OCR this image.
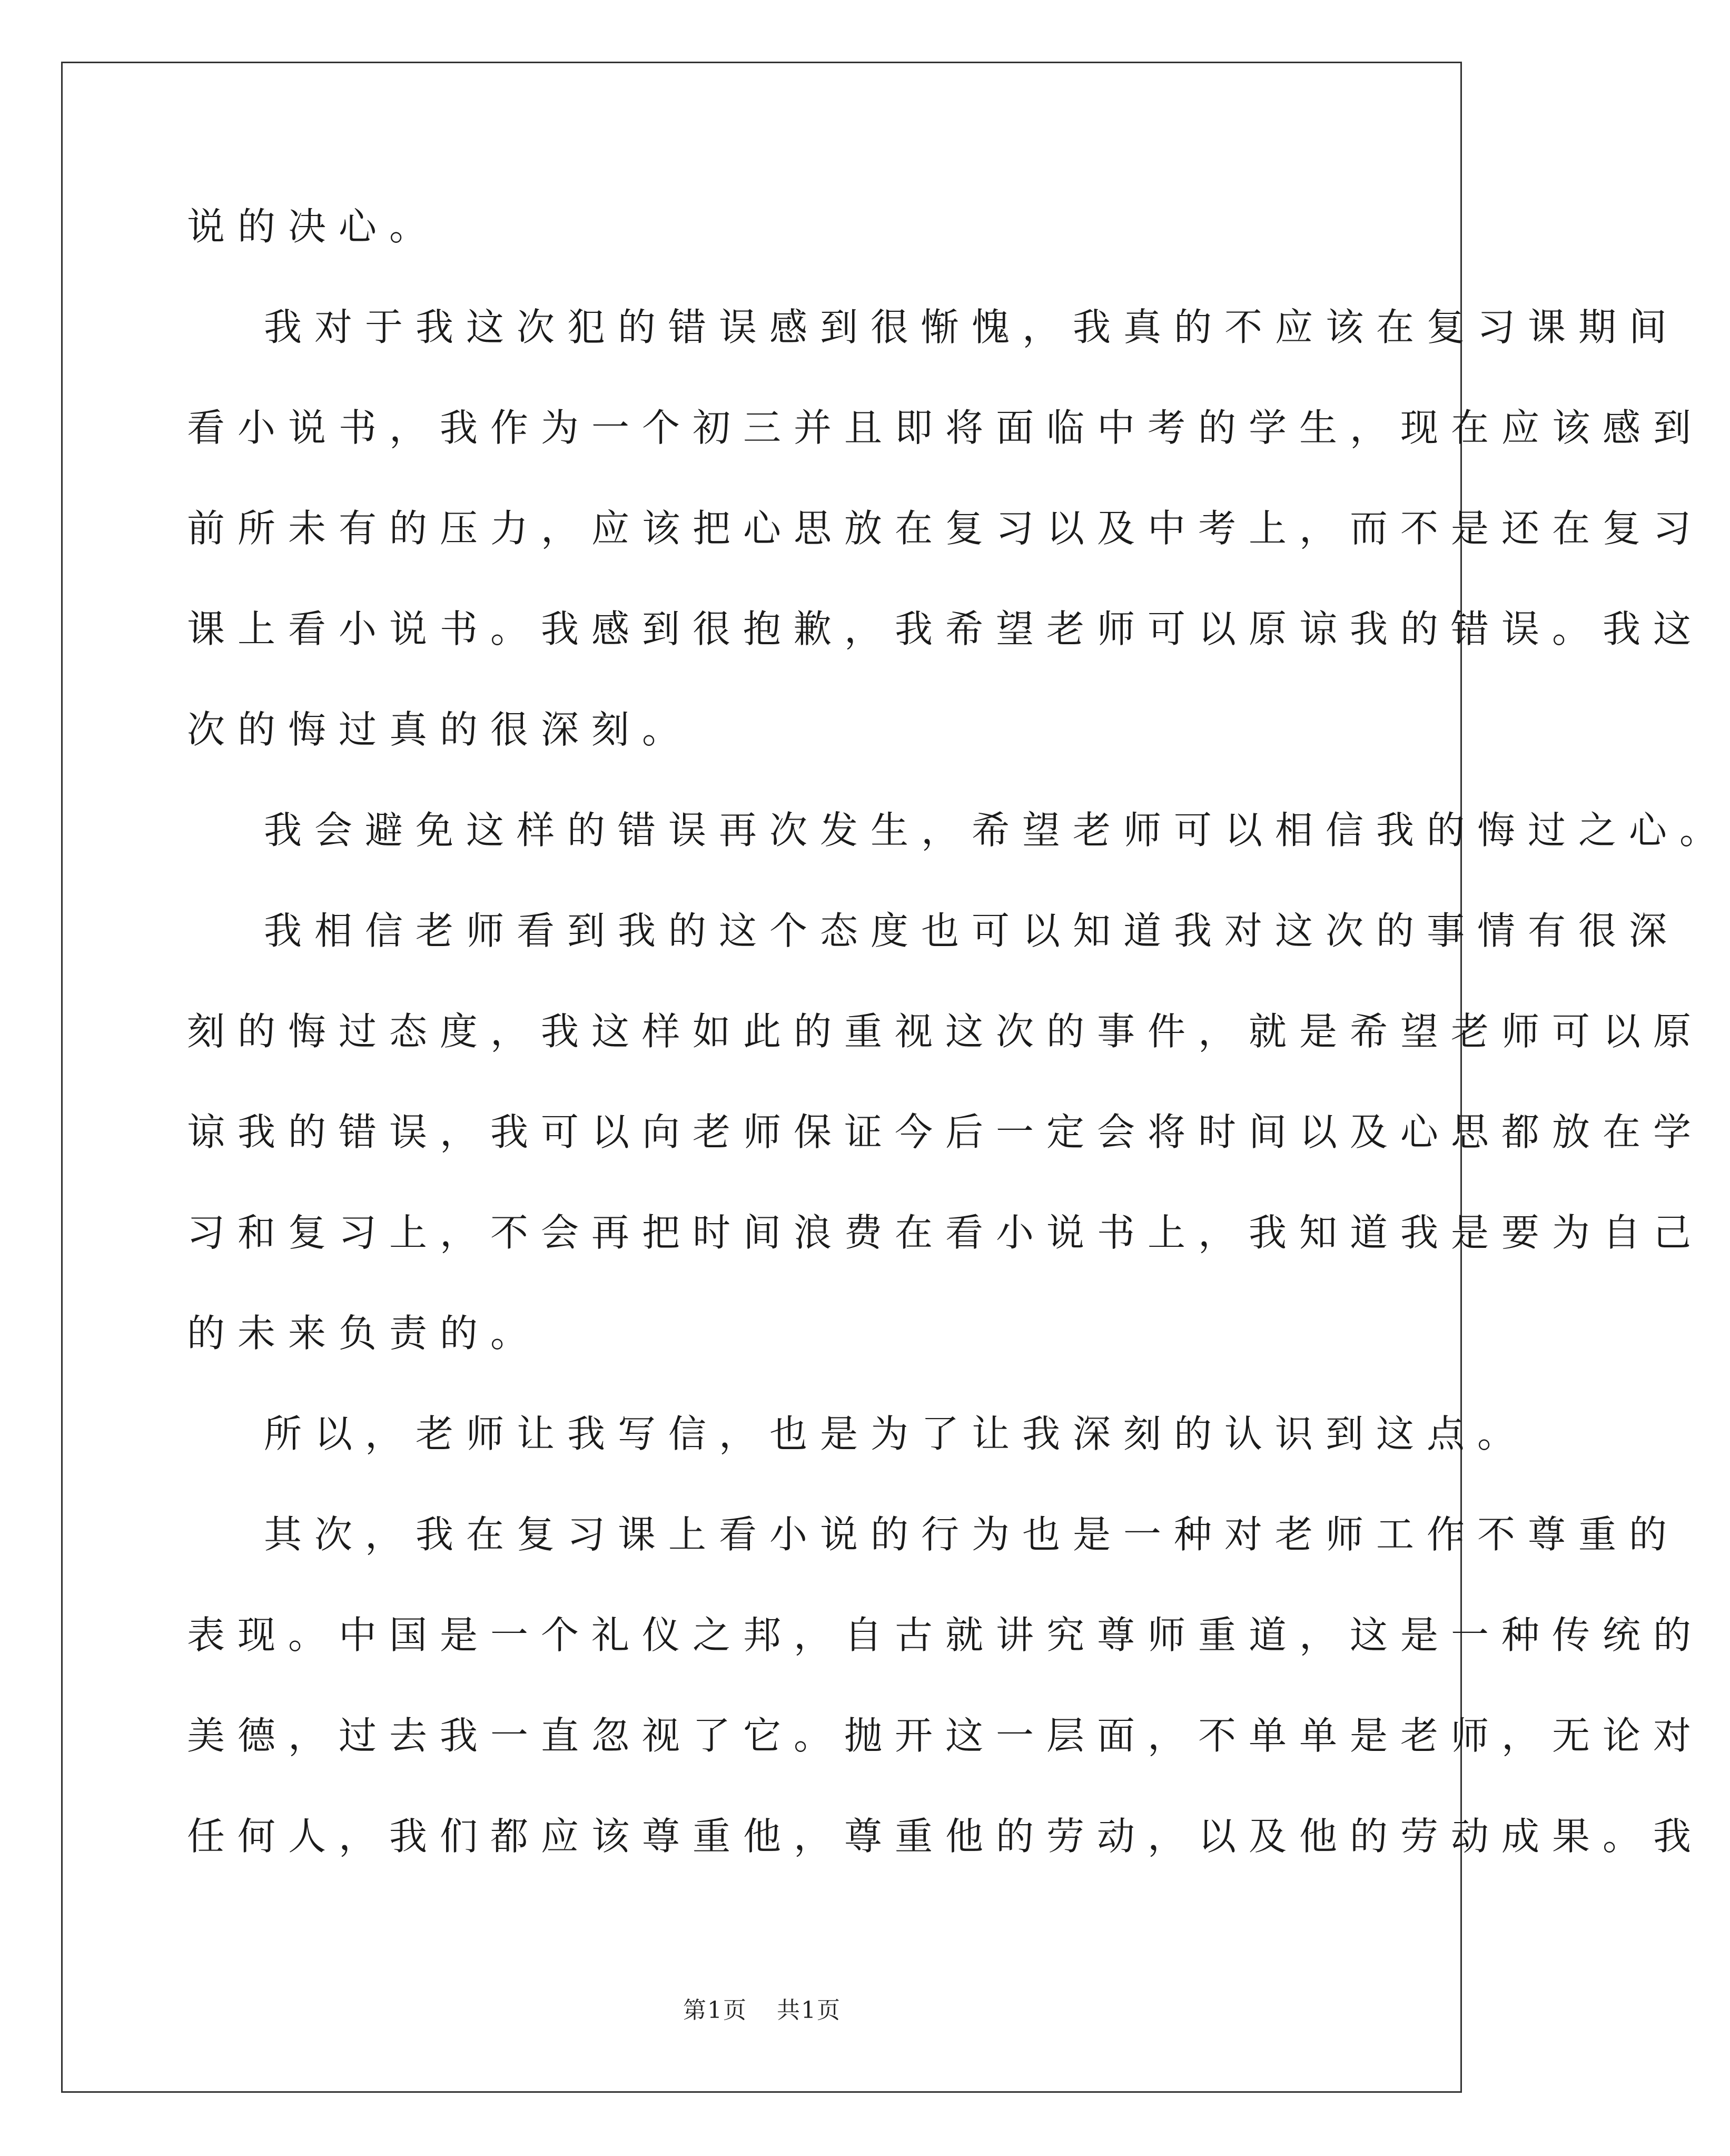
说的决心。
我对于我这次犯的错误感到很惭愧，我真的不应该在复习课期间
看小说书，我作为一个初三并且即将面临中考的学生，现在应该感到
前所未有的压力，应该把心思放在复习以及中考上，而不是还在复习
课上看小说书。我感到很抱歉，我希望老师可以原谅我的错误。我这
次的悔过真的很深刻。
我会避免这样的错误再次发生，希望老师可以相信我的悔过之心。
我相信老师看到我的这个态度也可以知道我对这次的事情有很深
刻的悔过态度，我这样如此的重视这次的事件，就是希望老师可以原
谅我的错误，我可以向老师保证今后一定会将时间以及心思都放在学
习和复习上，不会再把时间浪费在看小说书上，我知道我是要为自己
的未来负责的。
所以，老师让我写信，也是为了让我深刻的认识到这点。
其次，我在复习课上看小说的行为也是一种对老师工作不尊重的
表现。中国是一个礼仪之邦，自古就讲究尊师重道，这是一种传统的
美德，过去我一直忽视了它。抛开这一层面，不单单是老师，无论对
任何人，我们都应该尊重他，尊重他的劳动，以及他的劳动成果。我
第1页 共1页
